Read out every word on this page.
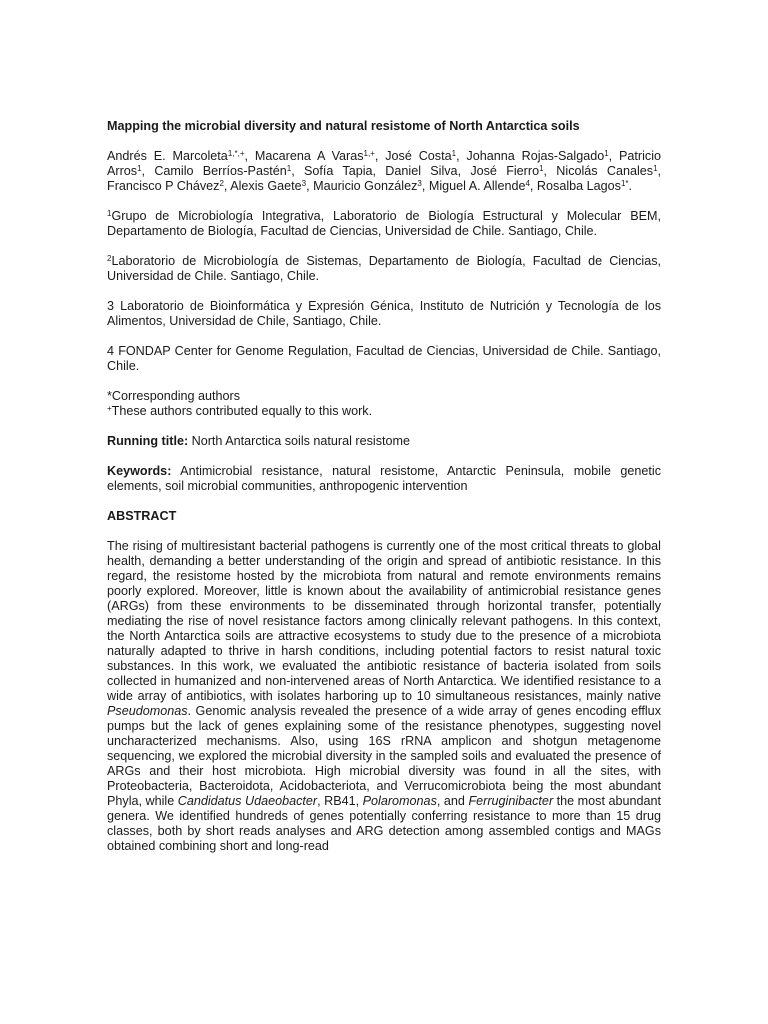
Mapping the microbial diversity and natural resistome of North Antarctica soils
Andrés E. Marcoleta$^{1,*,+}$, Macarena A Varas$^{1,+}$, José Costa$^1$, Johanna Rojas-Salgado$^1$, Patricio Arros$^1$, Camilo Berríos-Pastén$^1$, Sofía Tapia, Daniel Silva, José Fierro$^1$, Nicolás Canales$^1$, Francisco P Chávez$^2$, Alexis Gaete$^3$, Mauricio González$^3$, Miguel A. Allende$^4$, Rosalba Lagos$^{1*}$.
$^1$Grupo de Microbiología Integrativa, Laboratorio de Biología Estructural y Molecular BEM, Departamento de Biología, Facultad de Ciencias, Universidad de Chile. Santiago, Chile.
$^2$Laboratorio de Microbiología de Sistemas, Departamento de Biología, Facultad de Ciencias, Universidad de Chile. Santiago, Chile.
3 Laboratorio de Bioinformática y Expresión Génica, Instituto de Nutrición y Tecnología de los Alimentos, Universidad de Chile, Santiago, Chile.
4 FONDAP Center for Genome Regulation, Facultad de Ciencias, Universidad de Chile. Santiago, Chile.
*Corresponding authors
+These authors contributed equally to this work.
Running title: North Antarctica soils natural resistome
Keywords: Antimicrobial resistance, natural resistome, Antarctic Peninsula, mobile genetic elements, soil microbial communities, anthropogenic intervention
ABSTRACT
The rising of multiresistant bacterial pathogens is currently one of the most critical threats to global health, demanding a better understanding of the origin and spread of antibiotic resistance. In this regard, the resistome hosted by the microbiota from natural and remote environments remains poorly explored. Moreover, little is known about the availability of antimicrobial resistance genes (ARGs) from these environments to be disseminated through horizontal transfer, potentially mediating the rise of novel resistance factors among clinically relevant pathogens. In this context, the North Antarctica soils are attractive ecosystems to study due to the presence of a microbiota naturally adapted to thrive in harsh conditions, including potential factors to resist natural toxic substances. In this work, we evaluated the antibiotic resistance of bacteria isolated from soils collected in humanized and non-intervened areas of North Antarctica. We identified resistance to a wide array of antibiotics, with isolates harboring up to 10 simultaneous resistances, mainly native Pseudomonas. Genomic analysis revealed the presence of a wide array of genes encoding efflux pumps but the lack of genes explaining some of the resistance phenotypes, suggesting novel uncharacterized mechanisms. Also, using 16S rRNA amplicon and shotgun metagenome sequencing, we explored the microbial diversity in the sampled soils and evaluated the presence of ARGs and their host microbiota. High microbial diversity was found in all the sites, with Proteobacteria, Bacteroidota, Acidobacteriota, and Verrucomicrobiota being the most abundant Phyla, while Candidatus Udaeobacter, RB41, Polaromonas, and Ferruginibacter the most abundant genera. We identified hundreds of genes potentially conferring resistance to more than 15 drug classes, both by short reads analyses and ARG detection among assembled contigs and MAGs obtained combining short and long-read
